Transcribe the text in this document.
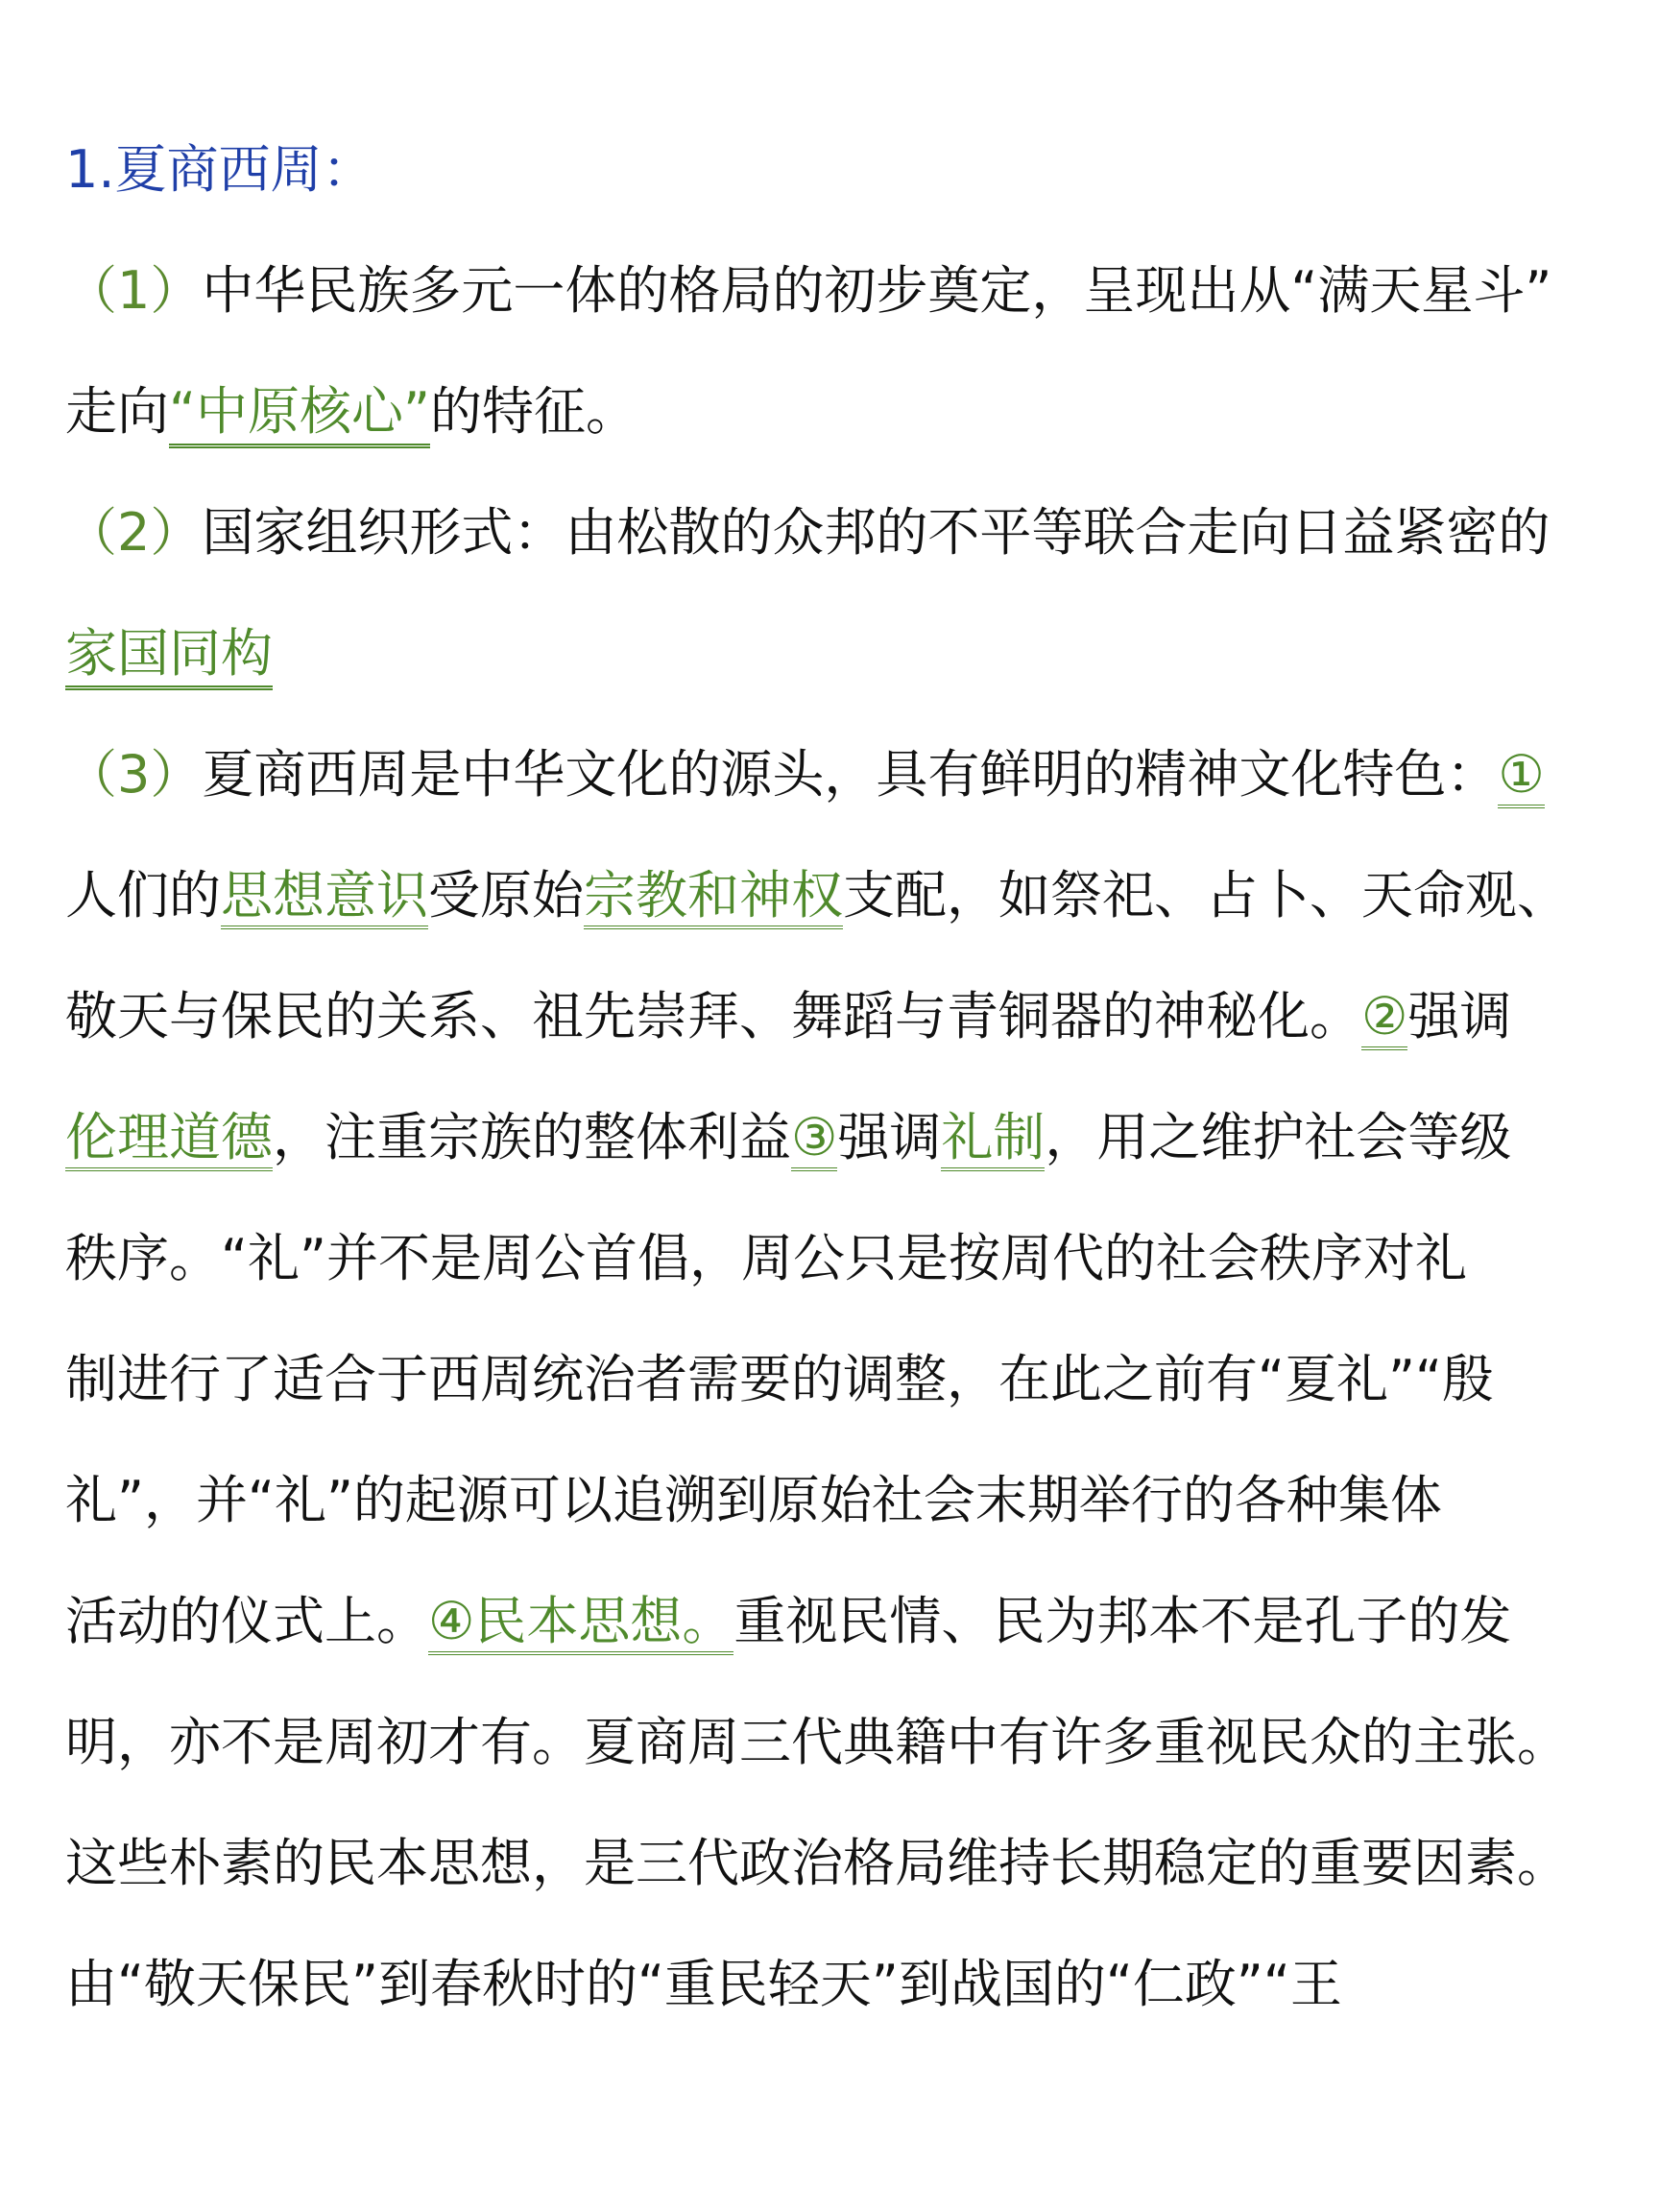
1.夏商西周：
（1）中华民族多元一体的格局的初步奠定，呈现出从“满天星斗”
走向“中原核心”的特征。
（2）国家组织形式：由松散的众邦的不平等联合走向日益紧密的
家国同构
（3）夏商西周是中华文化的源头，具有鲜明的精神文化特色：①
人们的思想意识受原始宗教和神权支配，如祭祀、占卜、天命观、
敬天与保民的关系、祖先崇拜、舞蹈与青铜器的神秘化。②强调
伦理道德，注重宗族的整体利益③强调礼制，用之维护社会等级
秩序。“礼”并不是周公首倡，周公只是按周代的社会秩序对礼
制进行了适合于西周统治者需要的调整，在此之前有“夏礼”“殷
礼”，并“礼”的起源可以追溯到原始社会末期举行的各种集体
活动的仪式上。④民本思想。重视民情、民为邦本不是孔子的发
明，亦不是周初才有。夏商周三代典籍中有许多重视民众的主张。
这些朴素的民本思想，是三代政治格局维持长期稳定的重要因素。
由“敬天保民”到春秋时的“重民轻天”到战国的“仁政”“王
